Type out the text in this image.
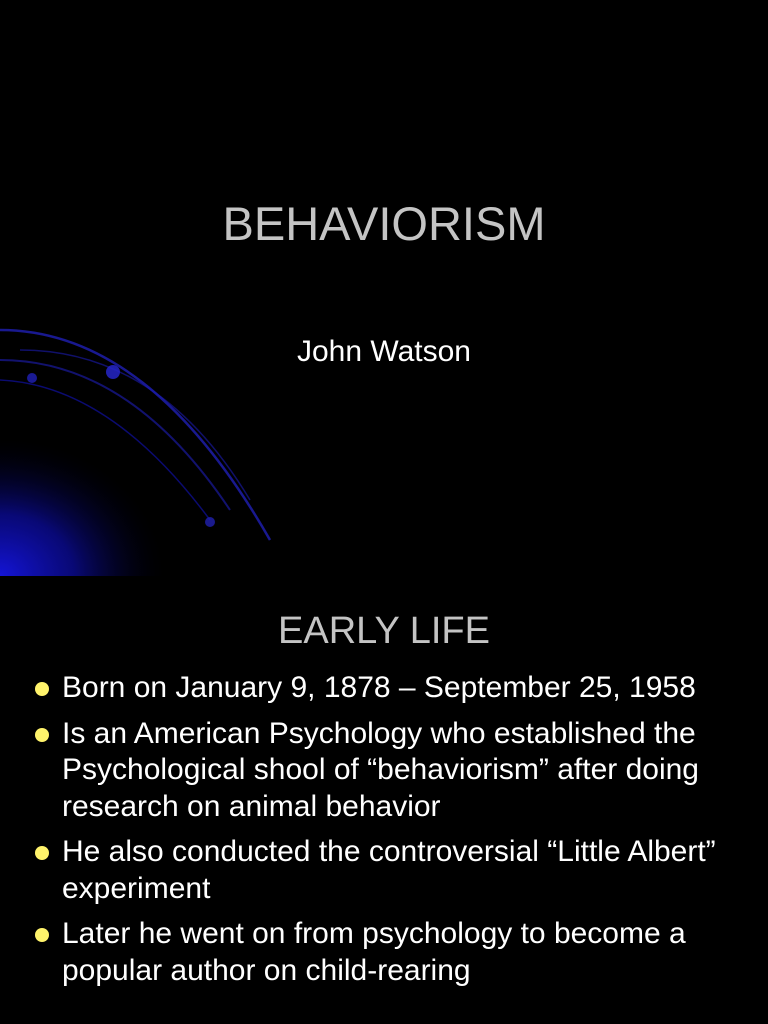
BEHAVIORISM
John Watson
EARLY LIFE
Born on January 9, 1878 – September 25, 1958
Is an American Psychology who established the Psychological shool of “behaviorism” after doing research on animal behavior
He also conducted the controversial “Little Albert” experiment
Later he went on from psychology to become a popular author on child-rearing
